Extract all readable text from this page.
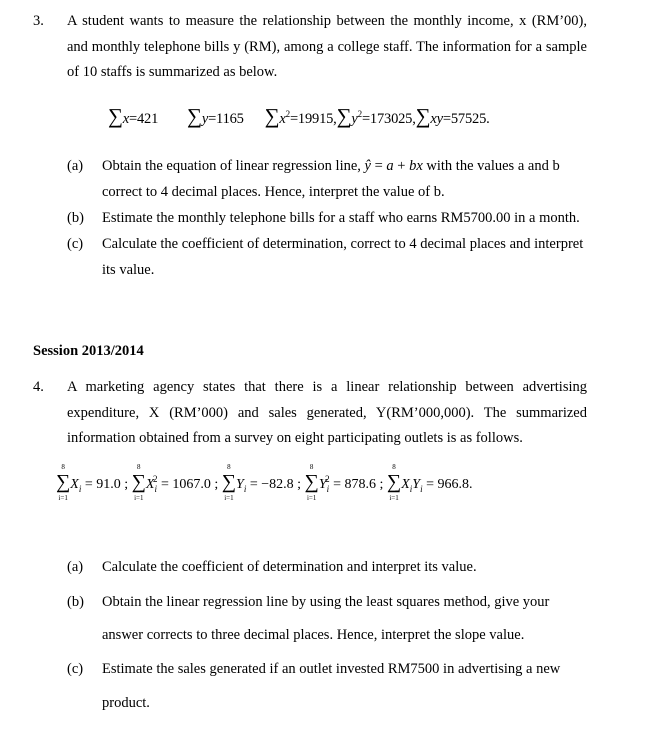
3. A student wants to measure the relationship between the monthly income, x (RM’00), and monthly telephone bills y (RM), among a college staff. The information for a sample of 10 staffs is summarized as below.
∑x=421 ∑y=1165 $\sum x^2=19915,\sum y^2=173025,\sum xy=57525$.
(a) Obtain the equation of linear regression line, ŷ = a + bx with the values a and b
correct to 4 decimal places. Hence, interpret the value of b.
(b) Estimate the monthly telephone bills for a staff who earns RM5700.00 in a month.
(c) Calculate the coefficient of determination, correct to 4 decimal places and interpret
its value.
Session 2013/2014
4. A marketing agency states that there is a linear relationship between advertising expenditure, X (RM’000) and sales generated, Y(RM’000,000). The summarized information obtained from a survey on eight participating outlets is as follows.
8
∑
i=1
$X_i = 91.0$ ;
8
∑
i=1
$X_i^2 = 1067.0$ ;
8
∑
i=1
$Y_i = -82.8$ ;
8
∑
i=1
$Y_i^2 = 878.6$ ;
8
∑
i=1
$X_iY_i = 966.8$.
(a) Calculate the coefficient of determination and interpret its value.
(b) Obtain the linear regression line by using the least squares method, give your
answer corrects to three decimal places. Hence, interpret the slope value.
(c) Estimate the sales generated if an outlet invested RM7500 in advertising a new
product.
